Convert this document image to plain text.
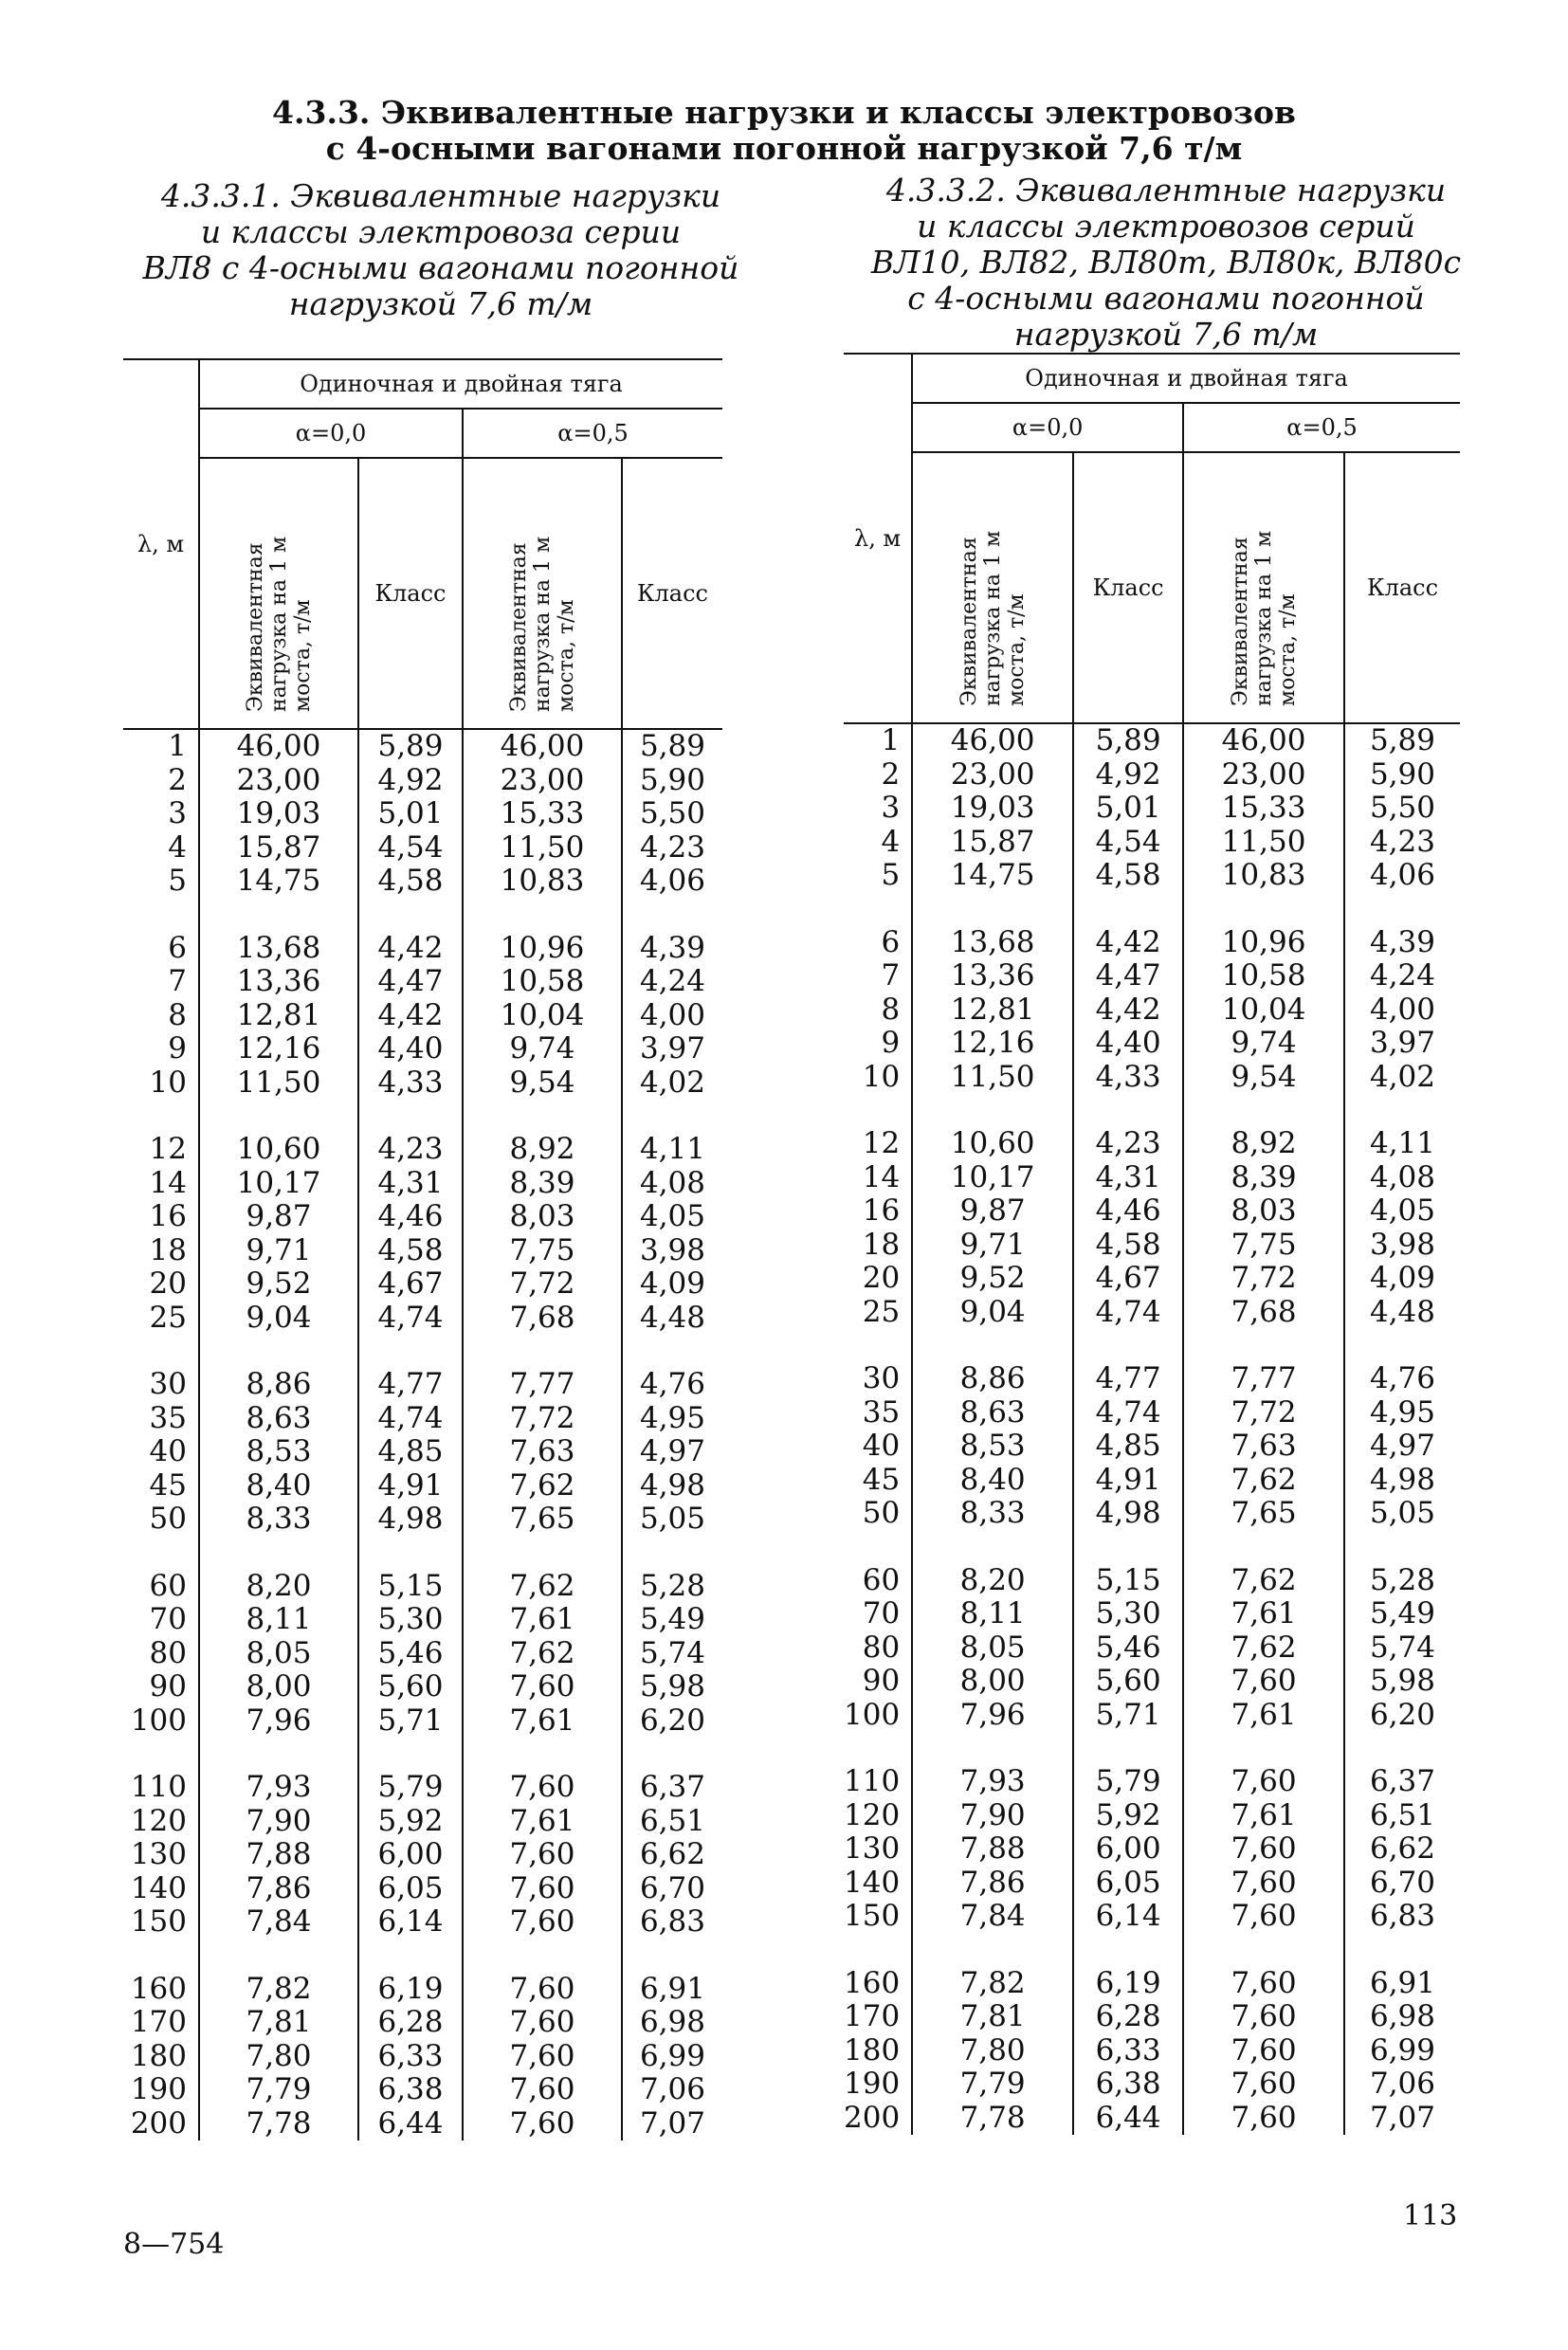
4.3.3. Эквивалентные нагрузки и классы электровозов
с 4-осными вагонами погонной нагрузкой 7,6 т/м
4.3.3.1. Эквивалентные нагрузки
и классы электровоза серии
ВЛ8 с 4-осными вагонами погонной
нагрузкой 7,6 т/м
4.3.3.2. Эквивалентные нагрузки
и классы электровозов серий
ВЛ10, ВЛ82, ВЛ80т, ВЛ80к, ВЛ80с
с 4-осными вагонами погонной
нагрузкой 7,6 т/м
λ, м	Одиночная и двойная тяга			
	α=0,0		α=0,5	

	Эквивалентная нагрузка на 1 м моста, т/м	Класс	Эквивалентная нагрузка на 1 м моста, т/м	Класс
1	46,00	5,89	46,00	5,89
2	23,00	4,92	23,00	5,90
3	19,03	5,01	15,33	5,50
4	15,87	4,54	11,50	4,23
5	14,75	4,58	10,83	4,06

6	13,68	4,42	10,96	4,39
7	13,36	4,47	10,58	4,24
8	12,81	4,42	10,04	4,00
9	12,16	4,40	9,74	3,97
10	11,50	4,33	9,54	4,02

12	10,60	4,23	8,92	4,11
14	10,17	4,31	8,39	4,08
16	9,87	4,46	8,03	4,05
18	9,71	4,58	7,75	3,98
20	9,52	4,67	7,72	4,09
25	9,04	4,74	7,68	4,48

30	8,86	4,77	7,77	4,76
35	8,63	4,74	7,72	4,95
40	8,53	4,85	7,63	4,97
45	8,40	4,91	7,62	4,98
50	8,33	4,98	7,65	5,05

60	8,20	5,15	7,62	5,28
70	8,11	5,30	7,61	5,49
80	8,05	5,46	7,62	5,74
90	8,00	5,60	7,60	5,98
100	7,96	5,71	7,61	6,20

110	7,93	5,79	7,60	6,37
120	7,90	5,92	7,61	6,51
130	7,88	6,00	7,60	6,62
140	7,86	6,05	7,60	6,70
150	7,84	6,14	7,60	6,83

160	7,82	6,19	7,60	6,91
170	7,81	6,28	7,60	6,98
180	7,80	6,33	7,60	6,99
190	7,79	6,38	7,60	7,06
200	7,78	6,44	7,60	7,07
λ, м	Одиночная и двойная тяга			
	α=0,0		α=0,5	

	Эквивалентная нагрузка на 1 м моста, т/м	Класс	Эквивалентная нагрузка на 1 м моста, т/м	Класс
1	46,00	5,89	46,00	5,89
2	23,00	4,92	23,00	5,90
3	19,03	5,01	15,33	5,50
4	15,87	4,54	11,50	4,23
5	14,75	4,58	10,83	4,06

6	13,68	4,42	10,96	4,39
7	13,36	4,47	10,58	4,24
8	12,81	4,42	10,04	4,00
9	12,16	4,40	9,74	3,97
10	11,50	4,33	9,54	4,02

12	10,60	4,23	8,92	4,11
14	10,17	4,31	8,39	4,08
16	9,87	4,46	8,03	4,05
18	9,71	4,58	7,75	3,98
20	9,52	4,67	7,72	4,09
25	9,04	4,74	7,68	4,48

30	8,86	4,77	7,77	4,76
35	8,63	4,74	7,72	4,95
40	8,53	4,85	7,63	4,97
45	8,40	4,91	7,62	4,98
50	8,33	4,98	7,65	5,05

60	8,20	5,15	7,62	5,28
70	8,11	5,30	7,61	5,49
80	8,05	5,46	7,62	5,74
90	8,00	5,60	7,60	5,98
100	7,96	5,71	7,61	6,20

110	7,93	5,79	7,60	6,37
120	7,90	5,92	7,61	6,51
130	7,88	6,00	7,60	6,62
140	7,86	6,05	7,60	6,70
150	7,84	6,14	7,60	6,83

160	7,82	6,19	7,60	6,91
170	7,81	6,28	7,60	6,98
180	7,80	6,33	7,60	6,99
190	7,79	6,38	7,60	7,06
200	7,78	6,44	7,60	7,07
8—754
113
